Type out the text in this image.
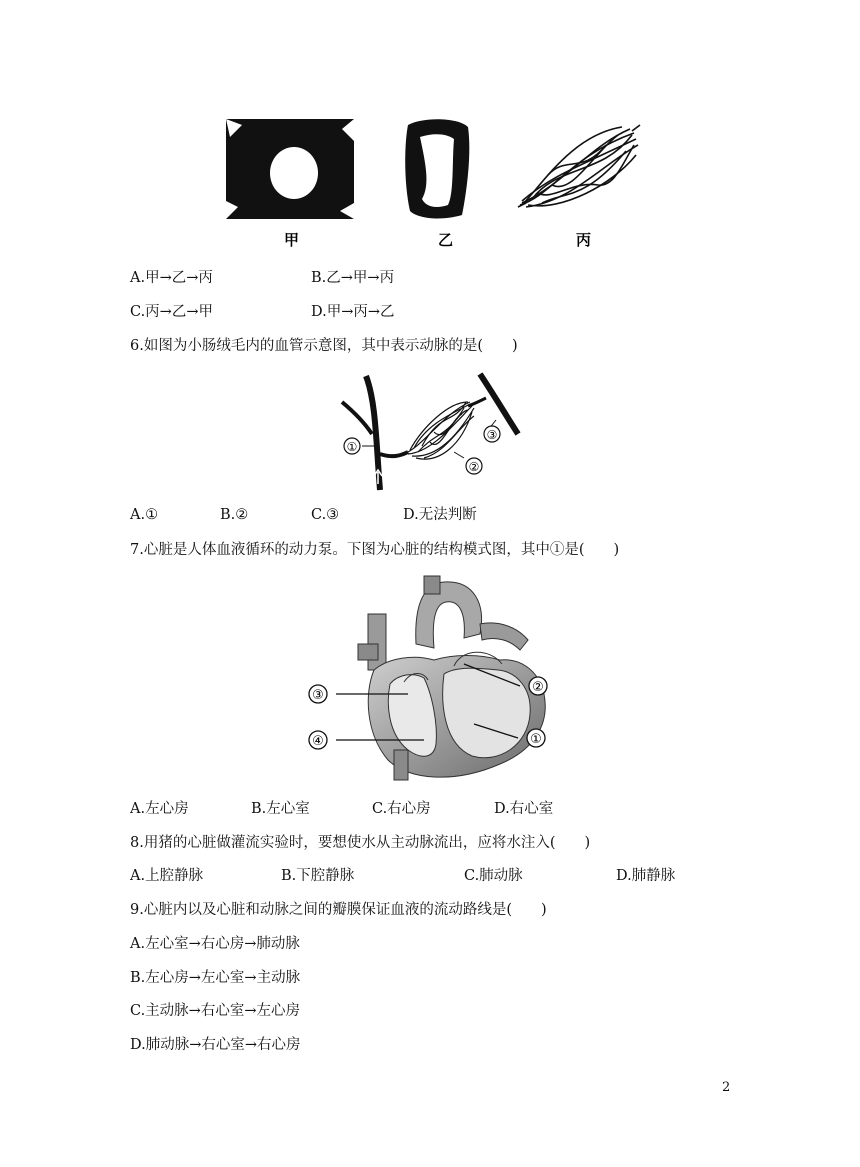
甲	乙	丙
A.甲→乙→丙	B.乙→甲→丙
C.丙→乙→甲	D.甲→丙→乙
6.如图为小肠绒毛内的血管示意图，其中表示动脉的是(　　)
①
②
③
A.①	B.②	C.③	D.无法判断
7.心脏是人体血液循环的动力泵。下图为心脏的结构模式图，其中①是(　　)
①
②
③
④
A.左心房	B.左心室	C.右心房	D.右心室
8.用猪的心脏做灌流实验时，要想使水从主动脉流出，应将水注入(　　)
A.上腔静脉	B.下腔静脉	C.肺动脉	D.肺静脉
9.心脏内以及心脏和动脉之间的瓣膜保证血液的流动路线是(　　)
A.左心室→右心房→肺动脉
B.左心房→左心室→主动脉
C.主动脉→右心室→左心房
D.肺动脉→右心室→右心房
2
